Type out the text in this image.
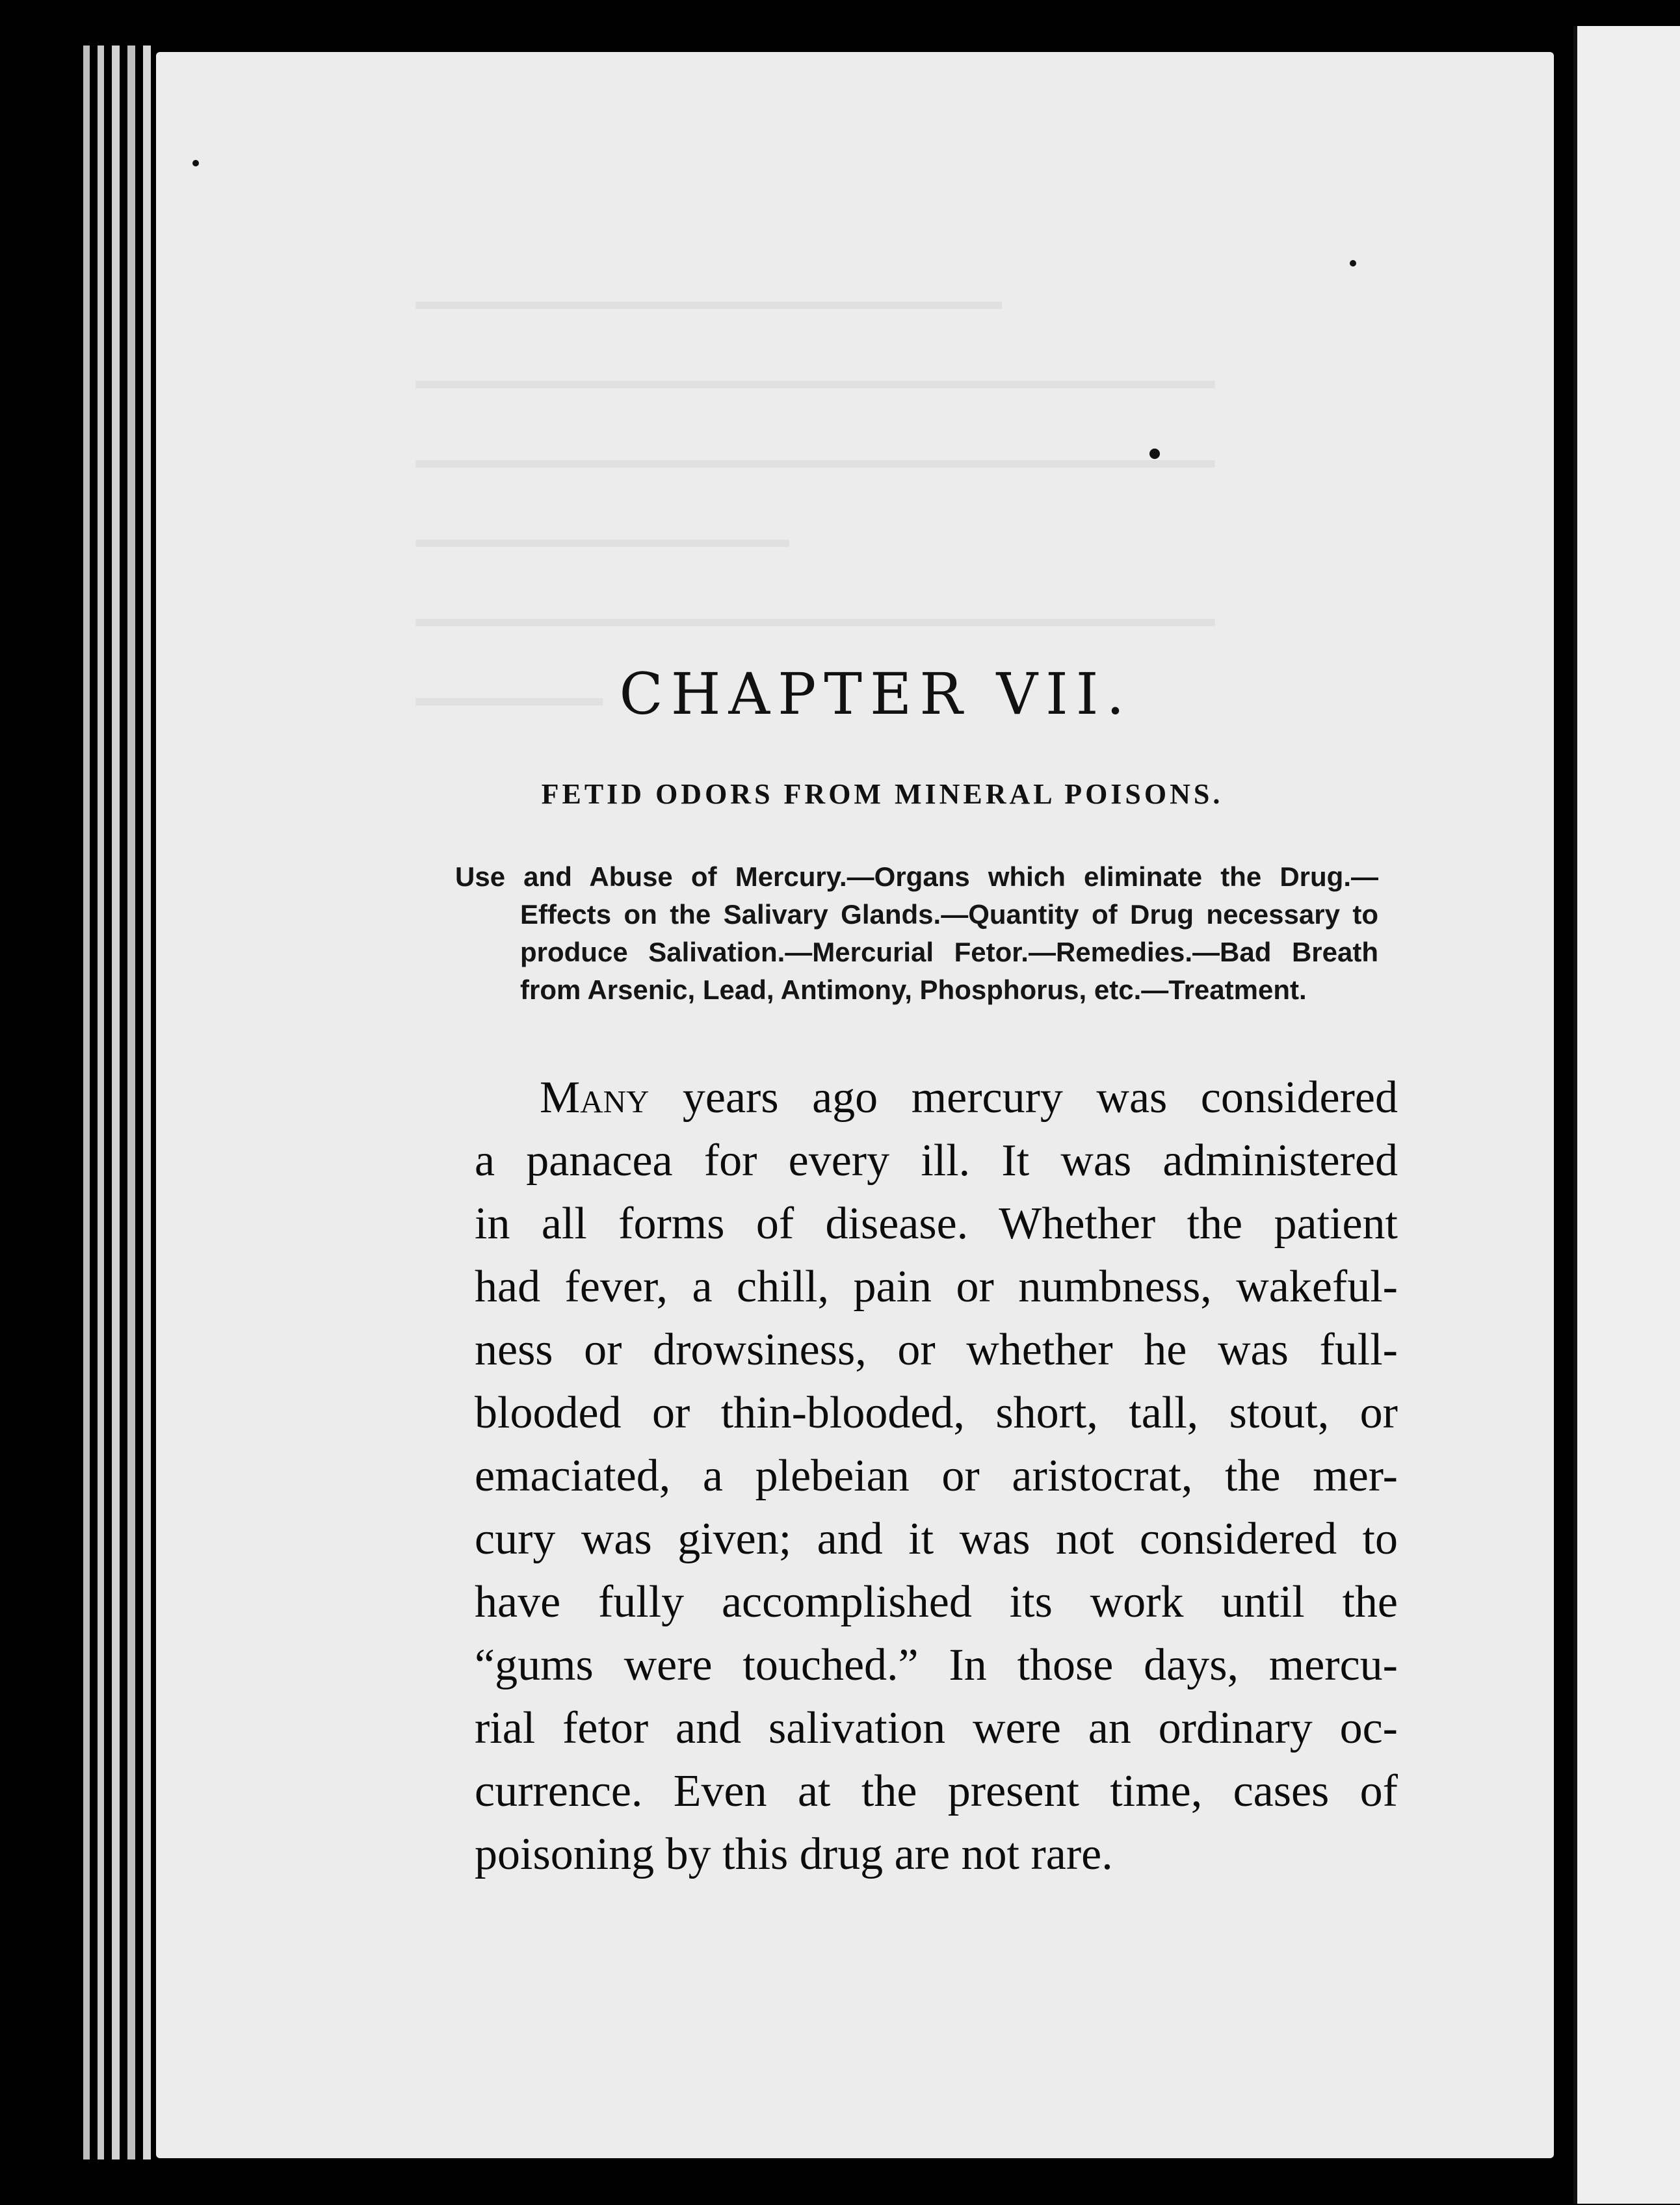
CHAPTER VII.
FETID ODORS FROM MINERAL POISONS.
Use and Abuse of Mercury.—Organs which eliminate the Drug.—Effects on the Salivary Glands.—Quantity of Drug necessary to produce Salivation.—Mercurial Fetor.—Remedies.—Bad Breath from Arsenic, Lead, Antimony, Phosphorus, etc.—Treatment.
Many years ago mercury was considered
a panacea for every ill. It was administered
in all forms of disease. Whether the patient
had fever, a chill, pain or numbness, wakeful-
ness or drowsiness, or whether he was full-
blooded or thin-blooded, short, tall, stout, or
emaciated, a plebeian or aristocrat, the mer-
cury was given; and it was not considered to
have fully accomplished its work until the
“gums were touched.” In those days, mercu-
rial fetor and salivation were an ordinary oc-
currence. Even at the present time, cases of
poisoning by this drug are not rare.
